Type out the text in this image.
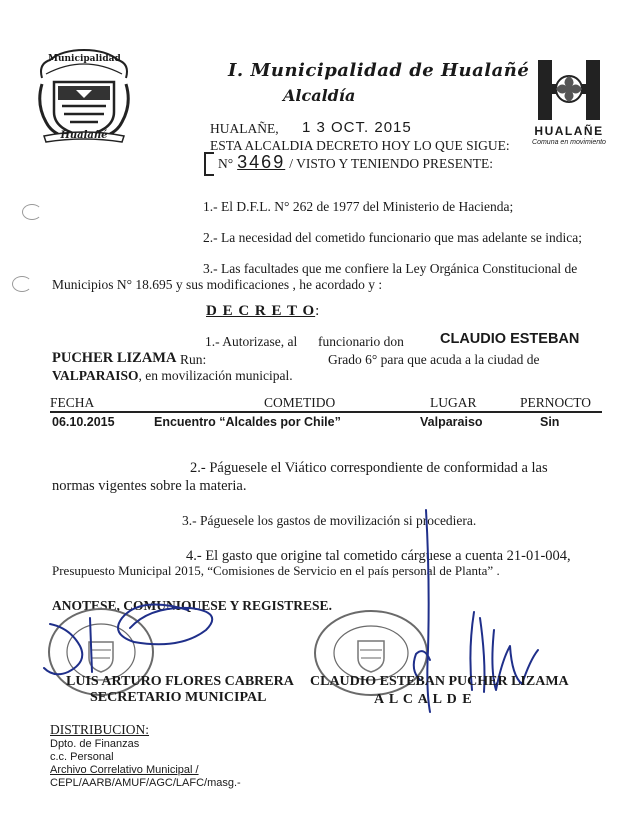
Municipalidad
Hualañé
I. Municipalidad de Hualañé
Alcaldía
HUALAÑE
Comuna en movimiento
HUALAÑE, 1 3 OCT. 2015
ESTA ALCALDIA DECRETO HOY LO QUE SIGUE:
N° 3469 / VISTO Y TENIENDO PRESENTE:
1.- El D.F.L. N° 262 de 1977 del Ministerio de Hacienda;
2.- La necesidad del cometido funcionario que mas adelante se indica;
3.- Las facultades que me confiere la Ley Orgánica Constitucional de
Municipios N° 18.695 y sus modificaciones , he acordado y :
D E C R E T O:
1.- Autorizase, al funcionario don CLAUDIO ESTEBAN
PUCHER LIZAMA Run:	Grado 6° para que acuda a la ciudad de
VALPARAISO, en movilización municipal.
FECHA	COMETIDO	LUGAR	PERNOCTO
06.10.2015	Encuentro “Alcaldes por Chile”	Valparaiso	Sin
2.- Páguesele el Viático correspondiente de conformidad a las
normas vigentes sobre la materia.
3.- Páguesele los gastos de movilización si procediera.
4.- El gasto que origine tal cometido cárguese a cuenta 21-01-004,
Presupuesto Municipal 2015, “Comisiones de Servicio en el país personal de Planta” .
ANOTESE, COMUNIQUESE Y REGISTRESE.
LUIS ARTURO FLORES CABRERA
SECRETARIO MUNICIPAL
CLAUDIO ESTEBAN PUCHER LIZAMA
A L C A L D E
DISTRIBUCION:
Dpto. de Finanzas
c.c. Personal
Archivo Correlativo Municipal /
CEPL/AARB/AMUF/AGC/LAFC/masg.-
